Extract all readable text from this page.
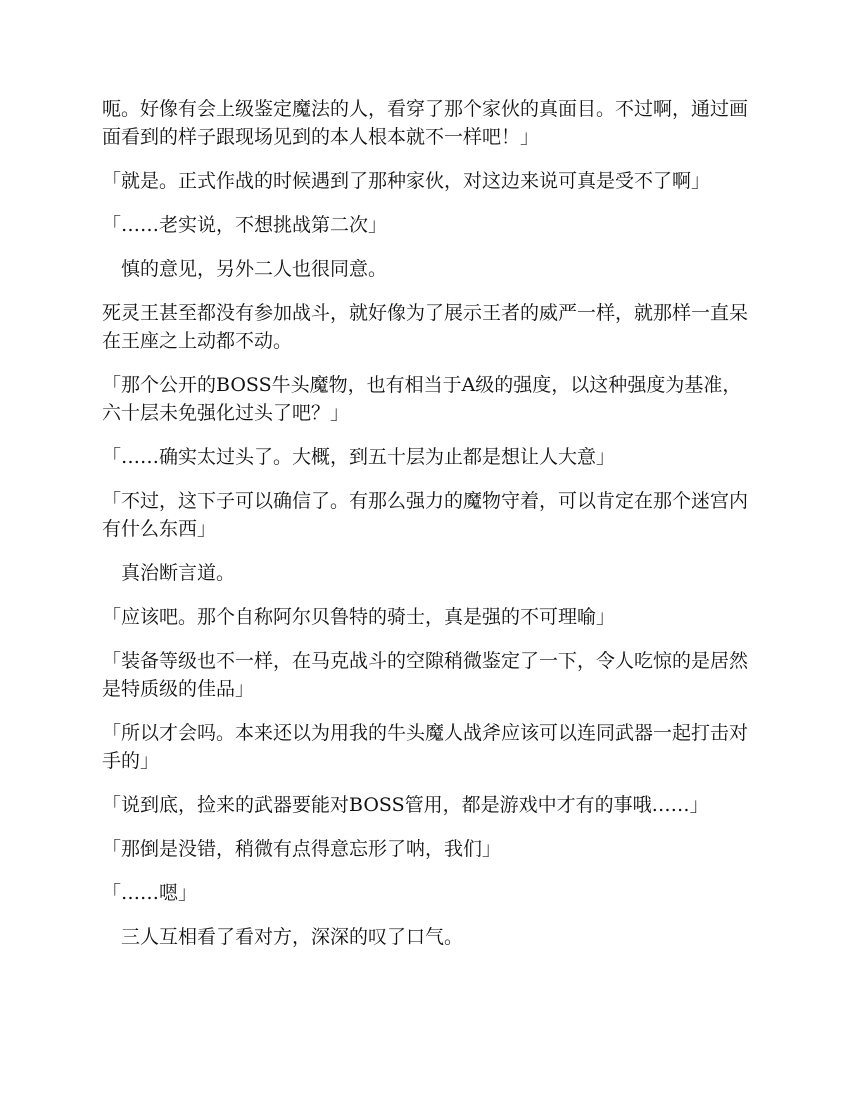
呃。好像有会上级鉴定魔法的人，看穿了那个家伙的真面目。不过啊，通过画面看到的样子跟现场见到的本人根本就不一样吧！」

「就是。正式作战的时候遇到了那种家伙，对这边来说可真是受不了啊」

「……老实说，不想挑战第二次」

慎的意见，另外二人也很同意。

死灵王甚至都没有参加战斗，就好像为了展示王者的威严一样，就那样一直呆在王座之上动都不动。

「那个公开的BOSS牛头魔物，也有相当于A级的强度，以这种强度为基准，六十层未免强化过头了吧？」

「……确实太过头了。大概，到五十层为止都是想让人大意」

「不过，这下子可以确信了。有那么强力的魔物守着，可以肯定在那个迷宫内有什么东西」

真治断言道。

「应该吧。那个自称阿尔贝鲁特的骑士，真是强的不可理喻」

「装备等级也不一样，在马克战斗的空隙稍微鉴定了一下，令人吃惊的是居然是特质级的佳品」

「所以才会吗。本来还以为用我的牛头魔人战斧应该可以连同武器一起打击对手的」

「说到底，捡来的武器要能对BOSS管用，都是游戏中才有的事哦……」

「那倒是没错，稍微有点得意忘形了呐，我们」

「……嗯」

三人互相看了看对方，深深的叹了口气。
